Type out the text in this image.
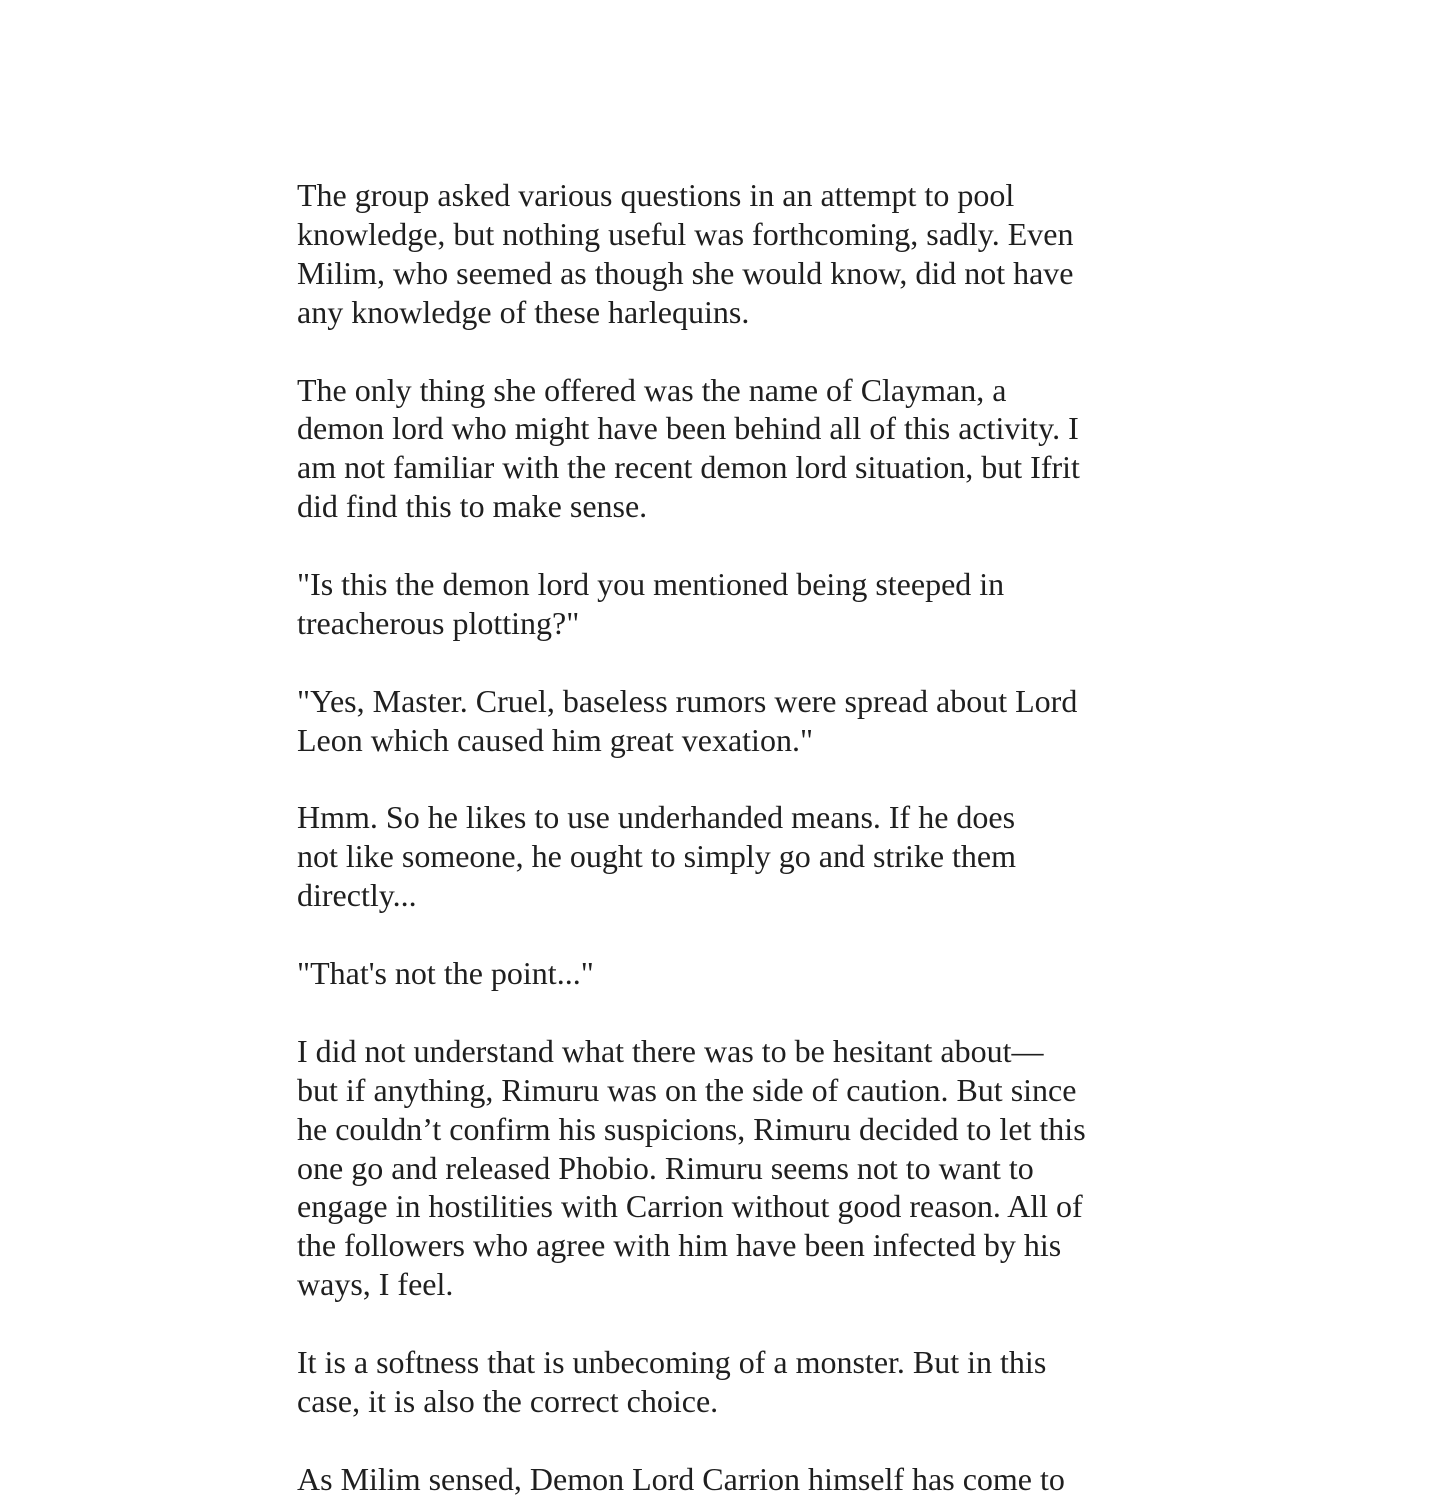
The group asked various questions in an attempt to pool
knowledge, but nothing useful was forthcoming, sadly. Even
Milim, who seemed as though she would know, did not have
any knowledge of these harlequins.

The only thing she offered was the name of Clayman, a
demon lord who might have been behind all of this activity. I
am not familiar with the recent demon lord situation, but Ifrit
did find this to make sense.

"Is this the demon lord you mentioned being steeped in
treacherous plotting?"

"Yes, Master. Cruel, baseless rumors were spread about Lord
Leon which caused him great vexation."

Hmm. So he likes to use underhanded means. If he does
not like someone, he ought to simply go and strike them
directly...

"That's not the point..."

I did not understand what there was to be hesitant about—
but if anything, Rimuru was on the side of caution. But since
he couldn’t confirm his suspicions, Rimuru decided to let this
one go and released Phobio. Rimuru seems not to want to
engage in hostilities with Carrion without good reason. All of
the followers who agree with him have been infected by his
ways, I feel.

It is a softness that is unbecoming of a monster. But in this
case, it is also the correct choice.

As Milim sensed, Demon Lord Carrion himself has come to
